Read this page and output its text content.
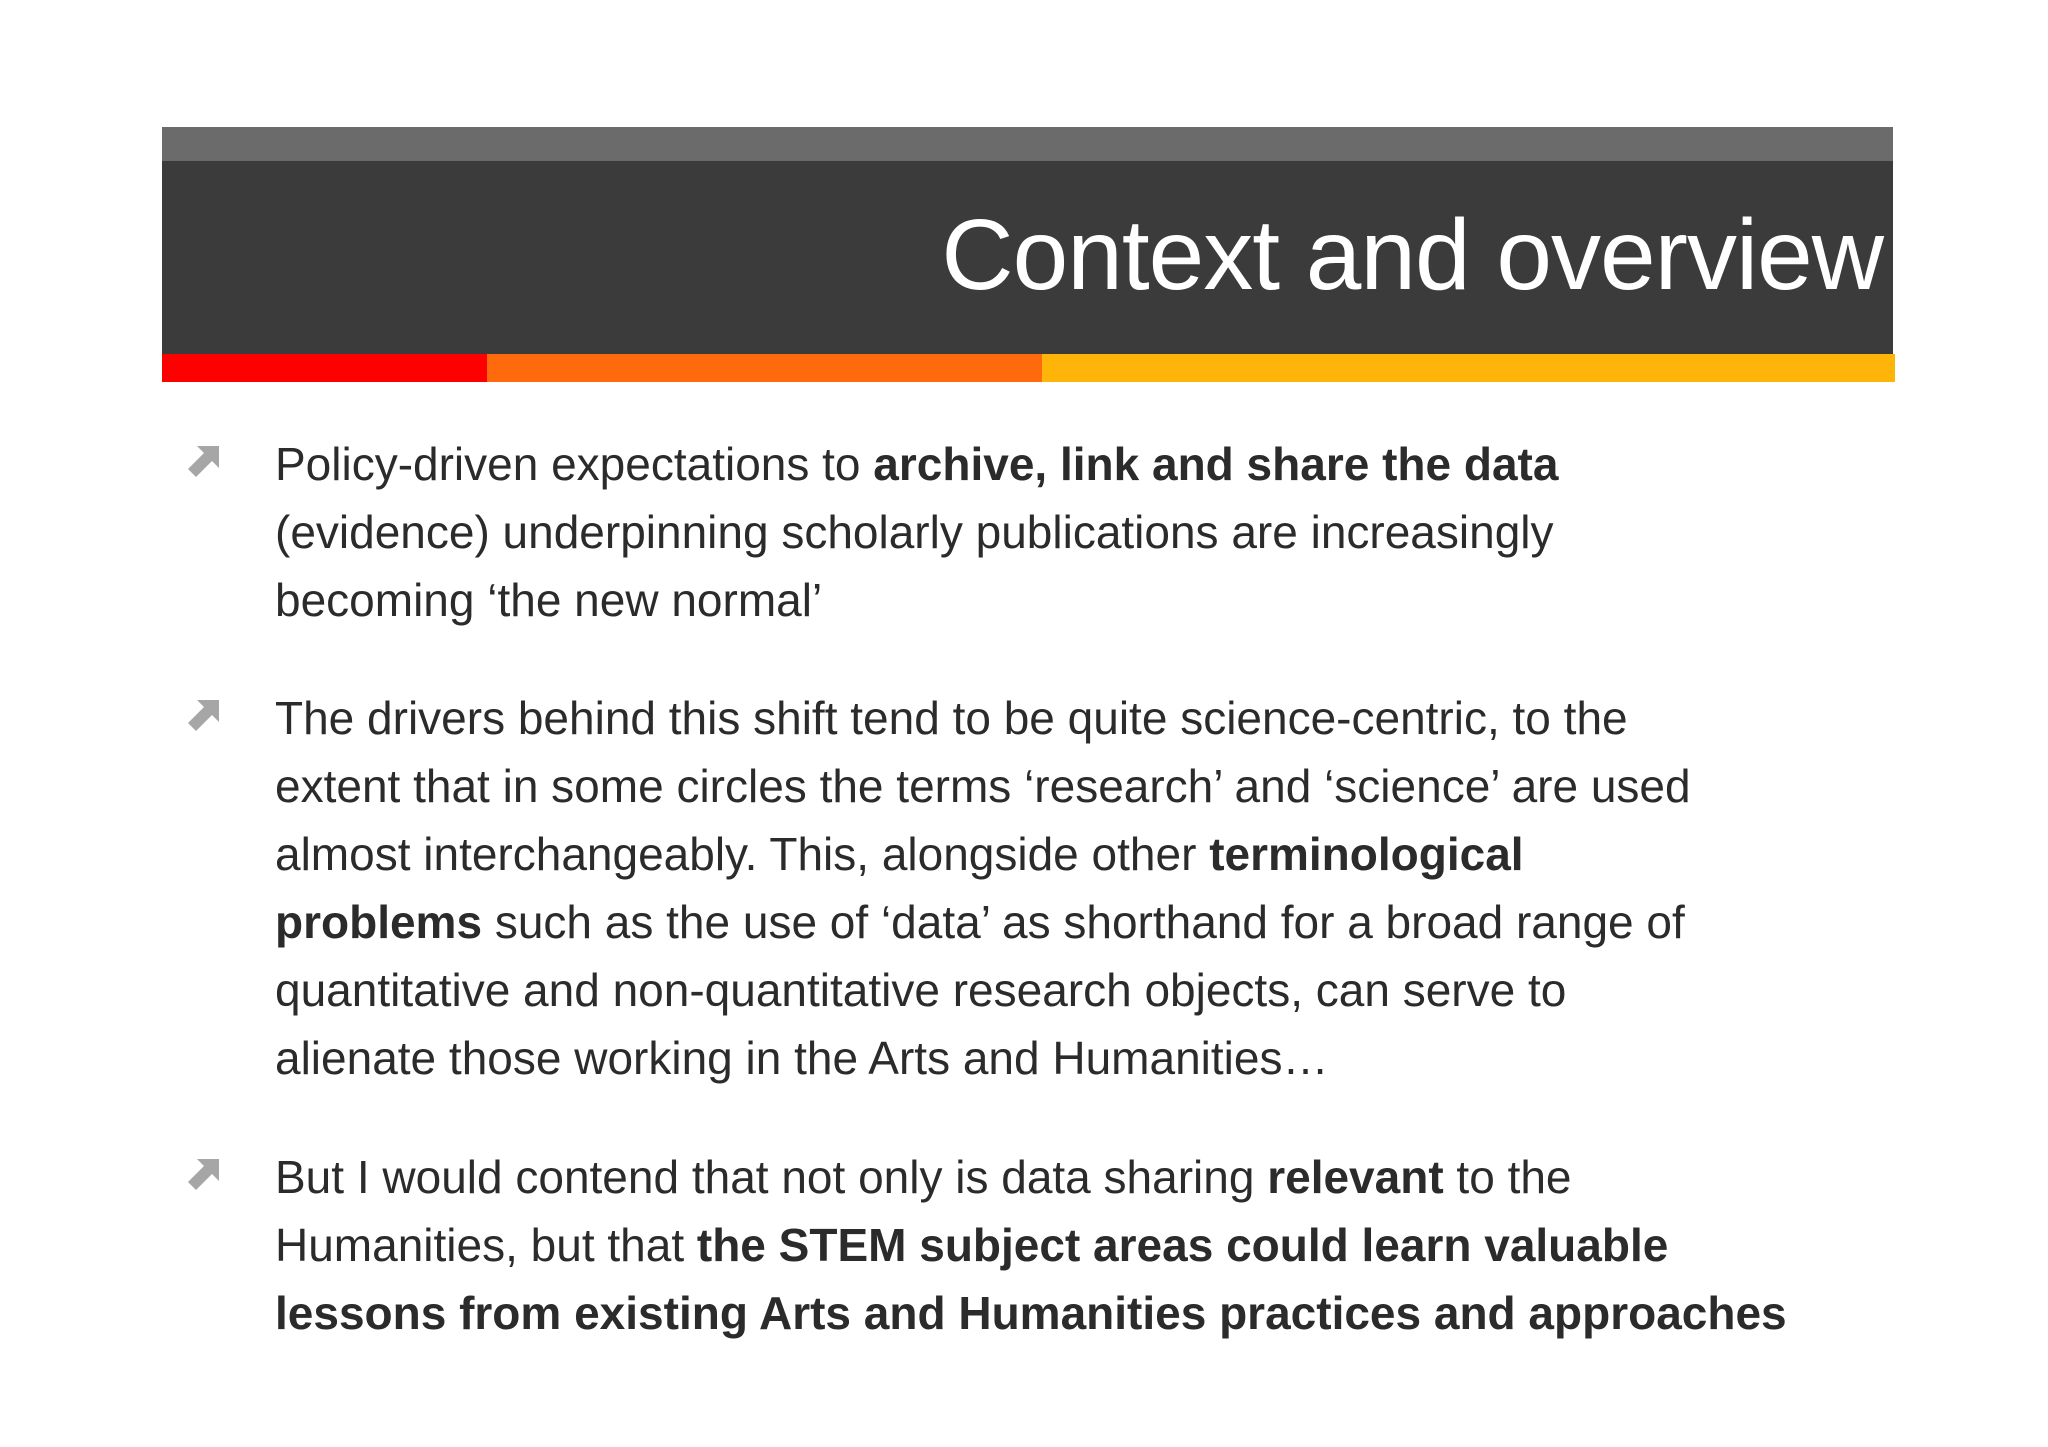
Context and overview

Policy-driven expectations to archive, link and share the data
(evidence) underpinning scholarly publications are increasingly
becoming ‘the new normal’

The drivers behind this shift tend to be quite science-centric, to the
extent that in some circles the terms ‘research’ and ‘science’ are used
almost interchangeably. This, alongside other terminological
problems such as the use of ‘data’ as shorthand for a broad range of
quantitative and non-quantitative research objects, can serve to
alienate those working in the Arts and Humanities…

But I would contend that not only is data sharing relevant to the
Humanities, but that the STEM subject areas could learn valuable
lessons from existing Arts and Humanities practices and approaches
